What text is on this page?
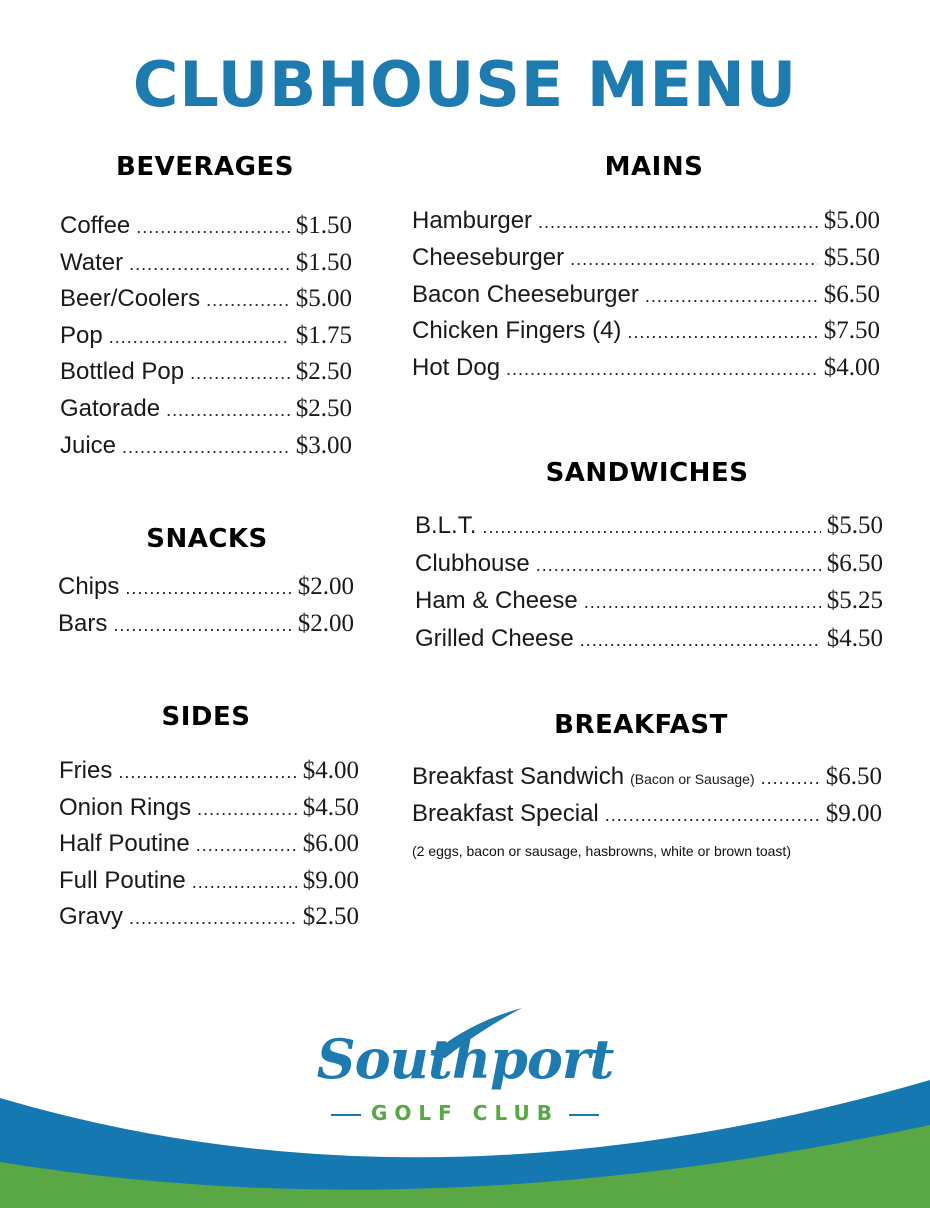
CLUBHOUSE MENU
BEVERAGES
Coffee .....	$1.50
Water .....	$1.50
Beer/Coolers .....	$5.00
Pop .....	$1.75
Bottled Pop .....	$2.50
Gatorade .....	$2.50
Juice .....	$3.00
SNACKS
Chips .....	$2.00
Bars .....	$2.00
SIDES
Fries .....	$4.00
Onion Rings .....	$4.50
Half Poutine .....	$6.00
Full Poutine .....	$9.00
Gravy .....	$2.50
MAINS
Hamburger .....	$5.00
Cheeseburger .....	$5.50
Bacon Cheeseburger .....	$6.50
Chicken Fingers (4) .....	$7.50
Hot Dog .....	$4.00
SANDWICHES
B.L.T. .....	$5.50
Clubhouse .....	$6.50
Ham & Cheese .....	$5.25
Grilled Cheese .....	$4.50
BREAKFAST
Breakfast Sandwich (Bacon or Sausage) .....	$6.50
Breakfast Special .....	$9.00

(2 eggs, bacon or sausage, hasbrowns, white or brown toast)

Southport
GOLF CLUB
